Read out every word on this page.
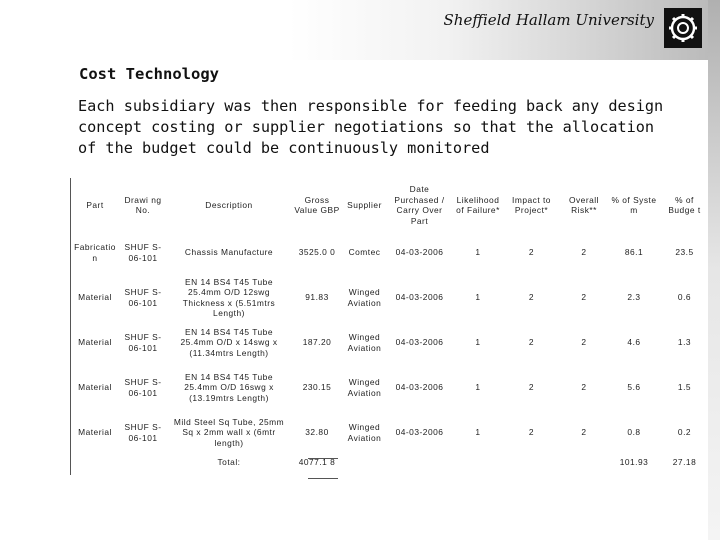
Sheffield Hallam University
Cost Technology
Each subsidiary was then responsible for feeding back any design concept costing or supplier negotiations so that the allocation of the budget could be continuously monitored
Part	Drawi ng No.	Description	Gross Value GBP	Supplier	Date Purchased / Carry Over Part	Likelihood of Failure*	Impact to Project*	Overall Risk**	% of Syste m	% of Budge t
Fabricatio n	SHUF S-06-101	Chassis Manufacture	3525.0 0	Comtec	04-03-2006	1	2	2	86.1	23.5
Material	SHUF S-06-101	EN 14 BS4 T45 Tube 25.4mm O/D 12swg Thickness x (5.51mtrs Length)	91.83	Winged Aviation	04-03-2006	1	2	2	2.3	0.6
Material	SHUF S-06-101	EN 14 BS4 T45 Tube 25.4mm O/D x 14swg x (11.34mtrs Length)	187.20	Winged Aviation	04-03-2006	1	2	2	4.6	1.3
Material	SHUF S-06-101	EN 14 BS4 T45 Tube 25.4mm O/D 16swg x (13.19mtrs Length)	230.15	Winged Aviation	04-03-2006	1	2	2	5.6	1.5
Material	SHUF S-06-101	Mild Steel Sq Tube, 25mm Sq x 2mm wall x (6mtr length)	32.80	Winged Aviation	04-03-2006	1	2	2	0.8	0.2
		Total:	4077.1 8						101.93	27.18
